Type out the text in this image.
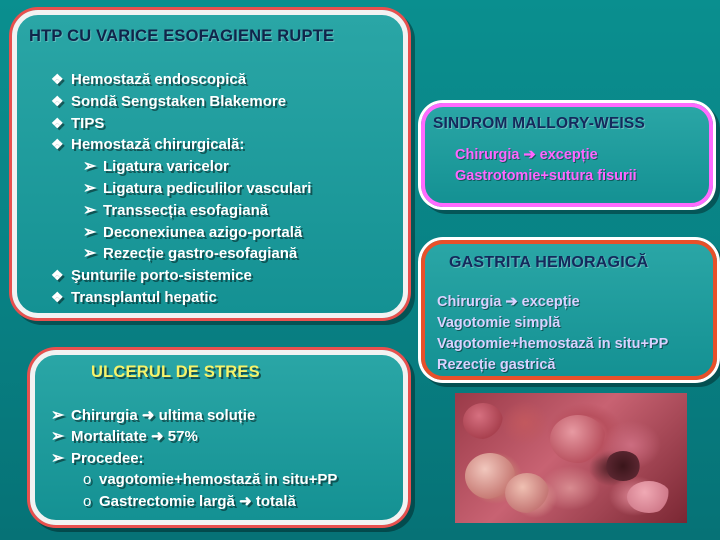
HTP CU VARICE ESOFAGIENE RUPTE
❖ Hemostază endoscopică
❖ Sondă Sengstaken Blakemore
❖ TIPS
❖ Hemostază chirurgicală:
➢ Ligatura varicelor
➢ Ligatura pediculilor vasculari
➢ Transsecția esofagiană
➢ Deconexiunea azigo-portală
➢ Rezecție gastro-esofagiană
❖ Şunturile porto-sistemice
❖ Transplantul hepatic
SINDROM MALLORY-WEISS
Chirurgia ➔ excepție
Gastrotomie+sutura fisurii
GASTRITA HEMORAGICĂ
Chirurgia ➔ excepție
Vagotomie simplă
Vagotomie+hemostază in situ+PP
Rezecție gastrică
ULCERUL DE STRES
➢ Chirurgia
➜
ultima soluție
➢ Mortalitate
➜
57%
➢ Procedee:
o vagotomie+hemostază in situ+PP
o Gastrectomie largă
➜
totală
